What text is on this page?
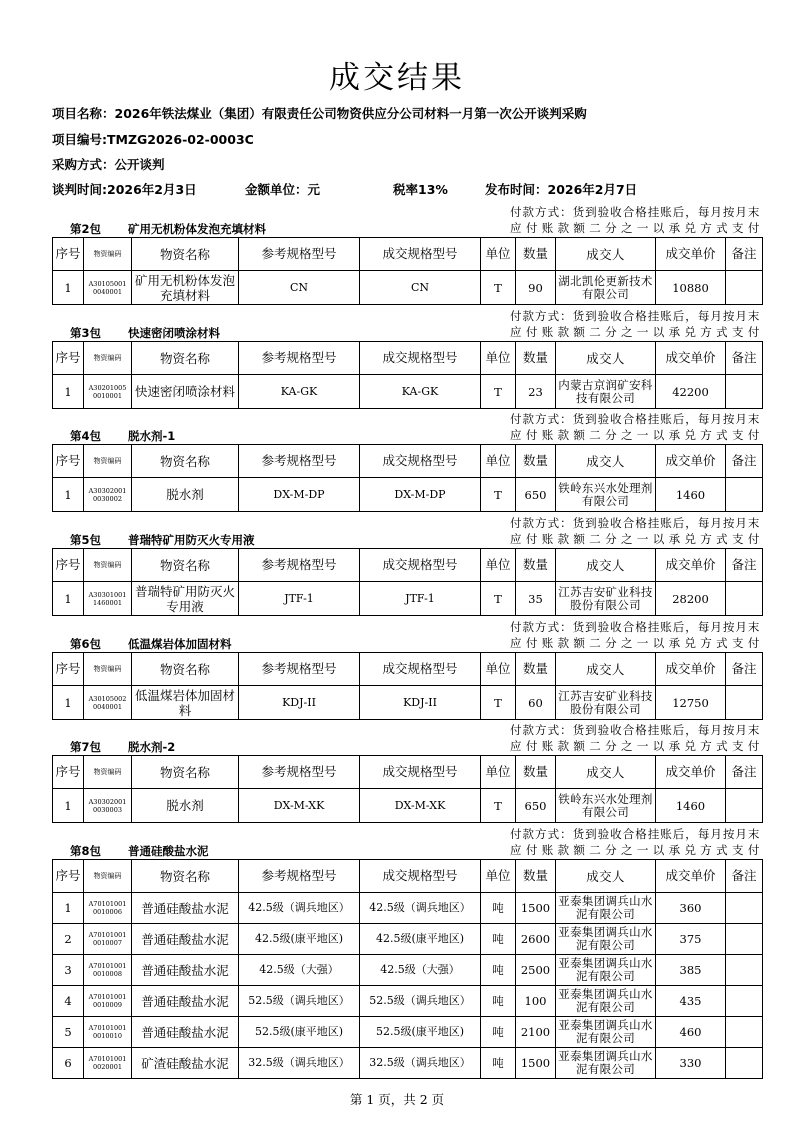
成交结果
项目名称：2026年铁法煤业（集团）有限责任公司物资供应分公司材料一月第一次公开谈判采购
项目编号:TMZG2026-02-0003C
采购方式：公开谈判
谈判时间:2026年2月3日	金额单位：元	税率13%	发布时间：2026年2月7日
第2包 矿用无机粉体发泡充填材料
付款方式：货到验收合格挂账后，每月按月末应付账款额二分之一以承兑方式支付
序号	物资编码	物资名称	参考规格型号	成交规格型号	单位	数量	成交人	成交单价	备注
1	A30105001 0040001	矿用无机粉体发泡充填材料	CN	CN	T	90	湖北凯伦更新技术有限公司	10880	
第3包 快速密闭喷涂材料
付款方式：货到验收合格挂账后，每月按月末应付账款额二分之一以承兑方式支付
序号	物资编码	物资名称	参考规格型号	成交规格型号	单位	数量	成交人	成交单价	备注
1	A30201005 0010001	快速密闭喷涂材料	KA-GK	KA-GK	T	23	内蒙古京润矿安科技有限公司	42200	
第4包 脱水剂-1
付款方式：货到验收合格挂账后，每月按月末应付账款额二分之一以承兑方式支付
序号	物资编码	物资名称	参考规格型号	成交规格型号	单位	数量	成交人	成交单价	备注
1	A30302001 0030002	脱水剂	DX-M-DP	DX-M-DP	T	650	铁岭东兴水处理剂有限公司	1460	
第5包 普瑞特矿用防灭火专用液
付款方式：货到验收合格挂账后，每月按月末应付账款额二分之一以承兑方式支付
序号	物资编码	物资名称	参考规格型号	成交规格型号	单位	数量	成交人	成交单价	备注
1	A30301001 1460001	普瑞特矿用防灭火专用液	JTF-1	JTF-1	T	35	江苏吉安矿业科技股份有限公司	28200	
第6包 低温煤岩体加固材料
付款方式：货到验收合格挂账后，每月按月末应付账款额二分之一以承兑方式支付
序号	物资编码	物资名称	参考规格型号	成交规格型号	单位	数量	成交人	成交单价	备注
1	A30105002 0040001	低温煤岩体加固材料	KDJ-II	KDJ-II	T	60	江苏吉安矿业科技股份有限公司	12750	
第7包 脱水剂-2
付款方式：货到验收合格挂账后，每月按月末应付账款额二分之一以承兑方式支付
序号	物资编码	物资名称	参考规格型号	成交规格型号	单位	数量	成交人	成交单价	备注
1	A30302001 0030003	脱水剂	DX-M-XK	DX-M-XK	T	650	铁岭东兴水处理剂有限公司	1460	
第8包 普通硅酸盐水泥
付款方式：货到验收合格挂账后，每月按月末应付账款额二分之一以承兑方式支付
序号	物资编码	物资名称	参考规格型号	成交规格型号	单位	数量	成交人	成交单价	备注
1	A70101001 0010006	普通硅酸盐水泥	42.5级（调兵地区）	42.5级（调兵地区）	吨	1500	亚泰集团调兵山水泥有限公司	360	
2	A70101001 0010007	普通硅酸盐水泥	42.5级(康平地区)	42.5级(康平地区)	吨	2600	亚泰集团调兵山水泥有限公司	375	
3	A70101001 0010008	普通硅酸盐水泥	42.5级（大强）	42.5级（大强）	吨	2500	亚泰集团调兵山水泥有限公司	385	
4	A70101001 0010009	普通硅酸盐水泥	52.5级（调兵地区）	52.5级（调兵地区）	吨	100	亚泰集团调兵山水泥有限公司	435	
5	A70101001 0010010	普通硅酸盐水泥	52.5级(康平地区)	52.5级(康平地区)	吨	2100	亚泰集团调兵山水泥有限公司	460	
6	A70101001 0020001	矿渣硅酸盐水泥	32.5级（调兵地区）	32.5级（调兵地区）	吨	1500	亚泰集团调兵山水泥有限公司	330	
第 1 页，共 2 页
